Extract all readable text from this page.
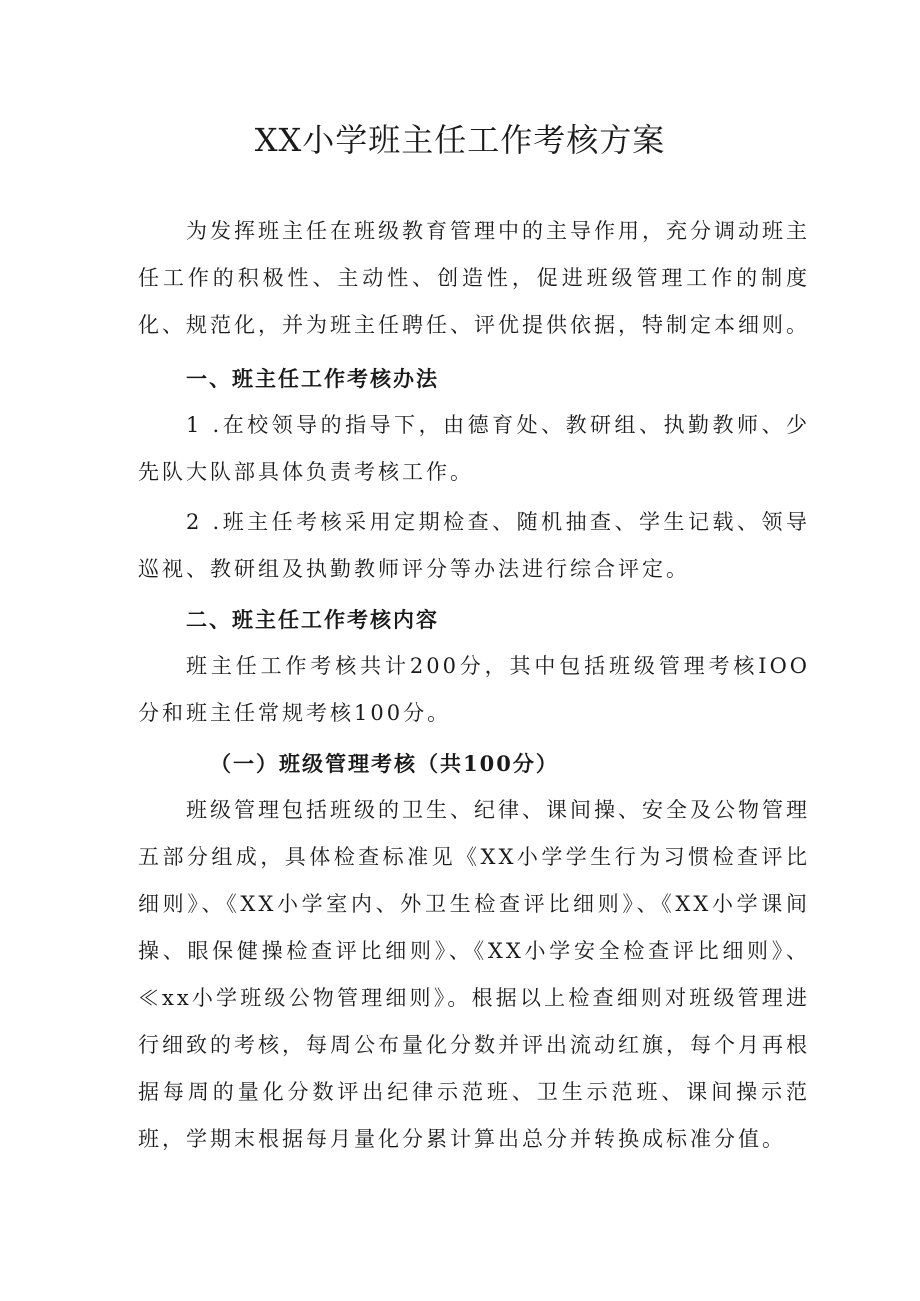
XX小学班主任工作考核方案

为发挥班主任在班级教育管理中的主导作用，充分调动班主任工作的积极性、主动性、创造性，促进班级管理工作的制度化、规范化，并为班主任聘任、评优提供依据，特制定本细则。

一、班主任工作考核办法

1 .在校领导的指导下，由德育处、教研组、执勤教师、少先队大队部具体负责考核工作。

2 .班主任考核采用定期检查、随机抽查、学生记载、领导巡视、教研组及执勤教师评分等办法进行综合评定。

二、班主任工作考核内容

班主任工作考核共计200分，其中包括班级管理考核IOO分和班主任常规考核100分。

（一）班级管理考核（共100分）

班级管理包括班级的卫生、纪律、课间操、安全及公物管理五部分组成，具体检查标准见《XX小学学生行为习惯检查评比细则》、《XX小学室内、外卫生检查评比细则》、《XX小学课间操、眼保健操检查评比细则》、《XX小学安全检查评比细则》、≪xx小学班级公物管理细则》。根据以上检查细则对班级管理进行细致的考核，每周公布量化分数并评出流动红旗，每个月再根据每周的量化分数评出纪律示范班、卫生示范班、课间操示范班，学期末根据每月量化分累计算出总分并转换成标准分值。
